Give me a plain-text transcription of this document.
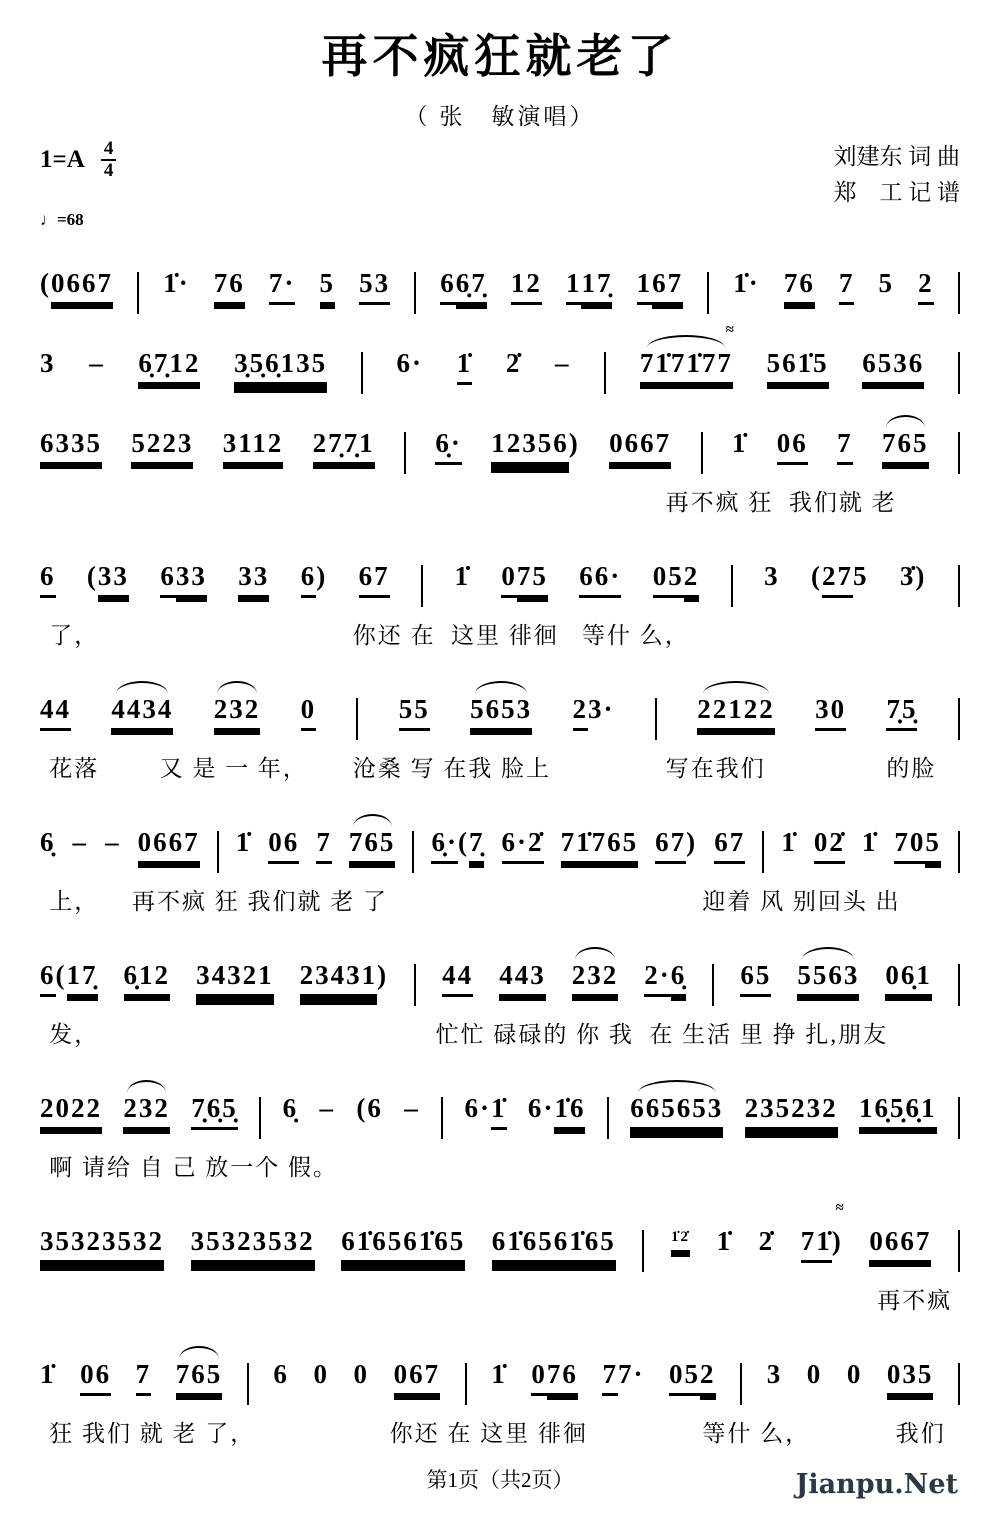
再不疯狂就老了
（ 张　敏演唱）
$1=A \frac{4}{4}$	刘建东 词 曲
郑　工 记 谱
♩=68
(0667 1̇· 76 7· 5 53 66̣7̣ 12 117̣ 167 1̇· 76 7 5 2
3 – 6̣7̣12 3̣5̣6̣135	6· 1̇ 2̇ –
≈
71̇71̇77 561̇5 6536
6335 5223 3112 27̣7̣1 6̣· 12356) 0667 1̇ 06 7 765
再不疯 狂  我们就 老
6 (33 633 33 6) 67 1̇ 075 66· 052 3 (275 3̇)
了，	你还 在  这里 徘徊   等什 么，
44 4434 232 0	55 5653 23·	22122 30 7̣5̣
花落	又 是 一 年， 沧桑 写 在我 脸上	写在我们	的脸
6̣ – – 0667 1̇ 06 7 765 6̣·(7̣ 6·2̇ 71̇765 67) 67 1̇ 02̇ 1̇ 705
上， 再不疯 狂 我们就 老 了	迎着 风 别回头 出
6(17̣ 6̣12 34321 23431) 44 443 232 2·6̣ 65 5563 06̣1
发，	忙忙 碌碌的 你 我  在 生活 里 挣 扎,朋友
2022 232 7̣6̣5̣ 6̣ – (6 – 6·1̇ 6·1̇6 665653 235232 16̣5̣6̣1
啊 请给 自 己 放一个 假。
35323532 35323532 61̇6561̇65 61̇6561̇65	1̇2̇ 1̇ 2̇
≈
71̇) 0667
再不疯
1̇ 06 7 765 6 0 0 067 1̇ 076 77· 052 3 0 0 035
狂 我们 就 老 了，	你还 在 这里 徘徊	等什 么，	我们
第1页（共2页）	Jianpu.Net
